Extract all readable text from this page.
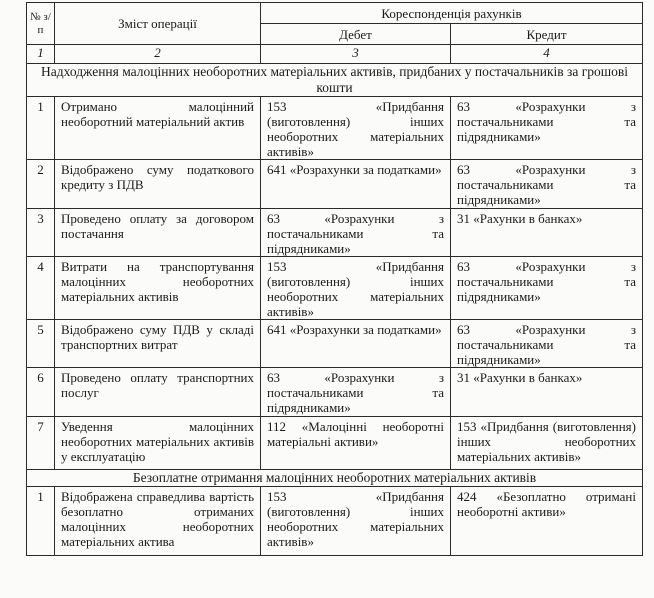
№ з/п	Зміст операції	Кореспонденція рахунків	
		Дебет	Кредит
1	2	3	4
Надходження малоцінних необоротних матеріальних активів, придбаних у постачальників за грошові кошти			
1	Отримано малоцінний необоротний матеріальний актив	153 «Придбання (виготовлення) інших необоротних матеріальних активів»	63 «Розрахунки з постачальниками та підрядниками»
2	Відображено суму податкового кредиту з ПДВ	641 «Розрахунки за податками»	63 «Розрахунки з постачальниками та підрядниками»
3	Проведено оплату за договором постачання	63 «Розрахунки з постачальниками та підрядниками»	31 «Рахунки в банках»
4	Витрати на транспортування малоцінних необоротних матеріальних активів	153 «Придбання (виготовлення) інших необоротних матеріальних активів»	63 «Розрахунки з постачальниками та підрядниками»
5	Відображено суму ПДВ у складі транспортних витрат	641 «Розрахунки за податками»	63 «Розрахунки з постачальниками та підрядниками»
6	Проведено оплату транспортних послуг	63 «Розрахунки з постачальниками та підрядниками»	31 «Рахунки в банках»
7	Уведення малоцінних необоротних матеріальних активів у експлуатацію	112 «Малоцінні необоротні матеріальні активи»	153 «Придбання (виготовлення) інших необоротних матеріальних активів»
Безоплатне отримання малоцінних необоротних матеріальних активів			
1	Відображена справедлива вартість безоплатно отриманих малоцінних необоротних матеріальних актива	153 «Придбання (виготовлення) інших необоротних матеріальних активів»	424 «Безоплатно отримані необоротні активи»
